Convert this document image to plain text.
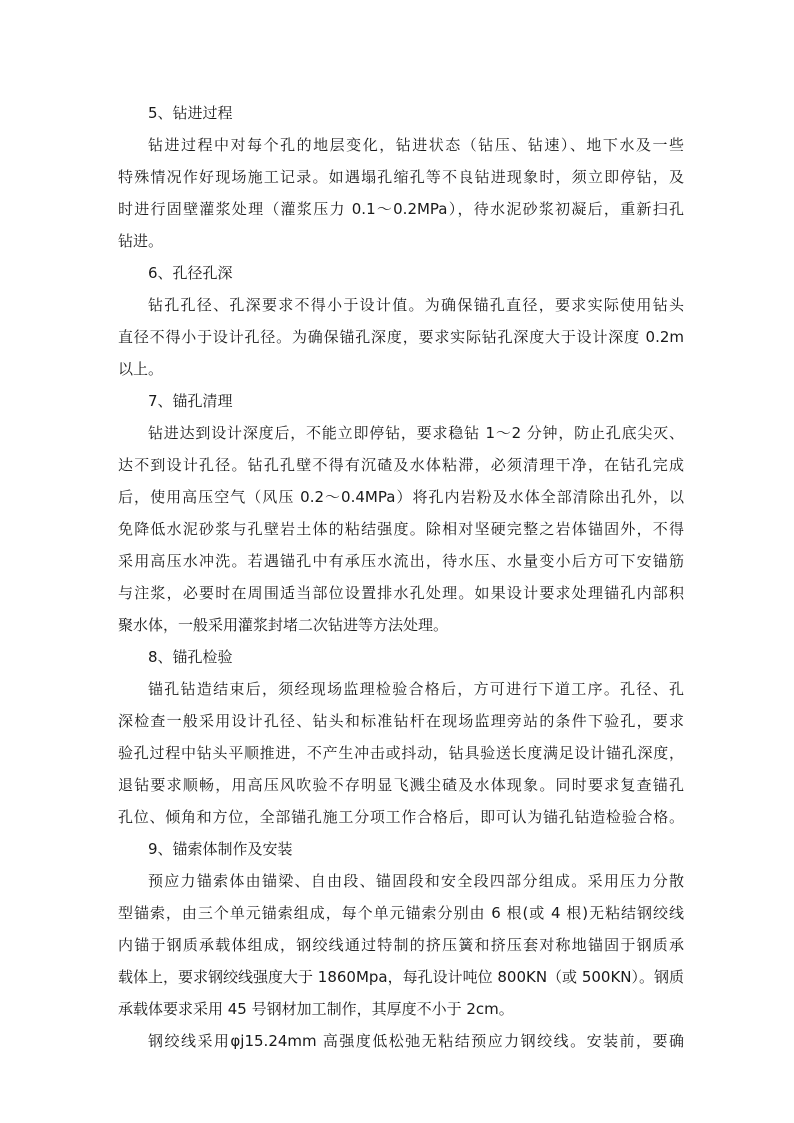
5、钻进过程
钻进过程中对每个孔的地层变化，钻进状态（钻压、钻速）、地下水及一些
特殊情况作好现场施工记录。如遇塌孔缩孔等不良钻进现象时，须立即停钻，及
时进行固壁灌浆处理（灌浆压力 0.1～0.2MPa），待水泥砂浆初凝后，重新扫孔
钻进。
6、孔径孔深
钻孔孔径、孔深要求不得小于设计值。为确保锚孔直径，要求实际使用钻头
直径不得小于设计孔径。为确保锚孔深度，要求实际钻孔深度大于设计深度 0.2m
以上。
7、锚孔清理
钻进达到设计深度后，不能立即停钻，要求稳钻 1～2 分钟，防止孔底尖灭、
达不到设计孔径。钻孔孔壁不得有沉碴及水体粘滞，必须清理干净，在钻孔完成
后，使用高压空气（风压 0.2～0.4MPa）将孔内岩粉及水体全部清除出孔外，以
免降低水泥砂浆与孔壁岩土体的粘结强度。除相对坚硬完整之岩体锚固外，不得
采用高压水冲洗。若遇锚孔中有承压水流出，待水压、水量变小后方可下安锚筋
与注浆，必要时在周围适当部位设置排水孔处理。如果设计要求处理锚孔内部积
聚水体，一般采用灌浆封堵二次钻进等方法处理。
8、锚孔检验
锚孔钻造结束后，须经现场监理检验合格后，方可进行下道工序。孔径、孔
深检查一般采用设计孔径、钻头和标准钻杆在现场监理旁站的条件下验孔，要求
验孔过程中钻头平顺推进，不产生冲击或抖动，钻具验送长度满足设计锚孔深度，
退钻要求顺畅，用高压风吹验不存明显飞溅尘碴及水体现象。同时要求复查锚孔
孔位、倾角和方位，全部锚孔施工分项工作合格后，即可认为锚孔钻造检验合格。
9、锚索体制作及安装
预应力锚索体由锚梁、自由段、锚固段和安全段四部分组成。采用压力分散
型锚索，由三个单元锚索组成，每个单元锚索分别由 6 根(或 4 根)无粘结钢绞线
内锚于钢质承载体组成，钢绞线通过特制的挤压簧和挤压套对称地锚固于钢质承
载体上，要求钢绞线强度大于 1860Mpa，每孔设计吨位 800KN（或 500KN）。钢质
承载体要求采用 45 号钢材加工制作，其厚度不小于 2cm。
钢绞线采用φj15.24mm 高强度低松弛无粘结预应力钢绞线。安装前，要确
